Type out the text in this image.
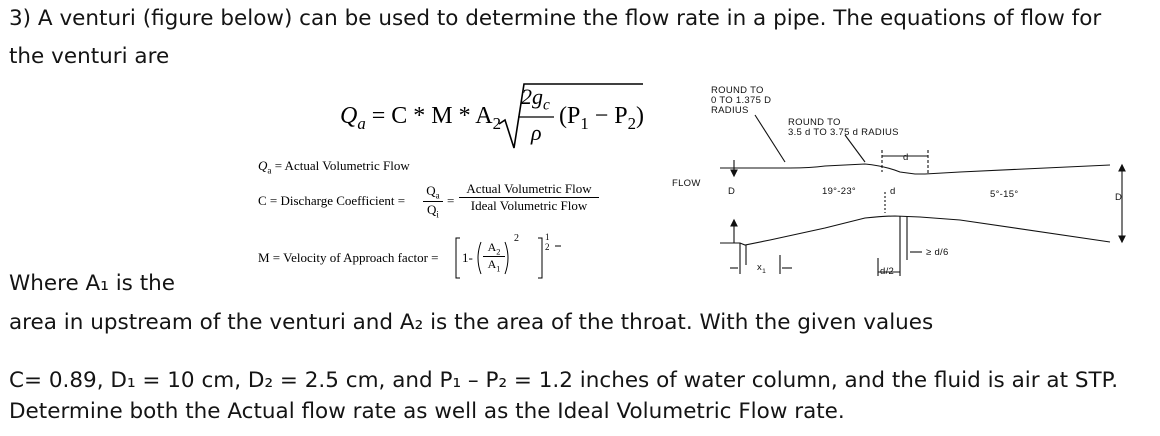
3) A venturi (figure below) can be used to determine the flow rate in a pipe. The equations of flow for
the venturi are
Where A₁ is the
area in upstream of the venturi and A₂ is the area of the throat. With the given values
C= 0.89, D₁ = 10 cm, D₂ = 2.5 cm, and P₁ – P₂ = 1.2 inches of water column, and the fluid is air at STP.
Determine both the Actual flow rate as well as the Ideal Volumetric Flow rate.
$Q_a = C * M * A_2$
$2g_c$
ρ
$(P_1 - P_2)$
$Q_a$ = Actual Volumetric Flow
C = Discharge Coefficient = $\frac{Q_a}{Q_i}$ =
Actual Volumetric Flow
Ideal Volumetric Flow
M = Velocity of Approach factor = $1- \frac{A_2}{A_1}$
2	1
2
ROUND TO
0 TO 1.375 D
RADIUS
ROUND TO
3.5 d TO 3.75 d RADIUS
FLOW
D
D
d
d
19°-23°	5°-15°
$x_1$
≥ d/6
d/2
